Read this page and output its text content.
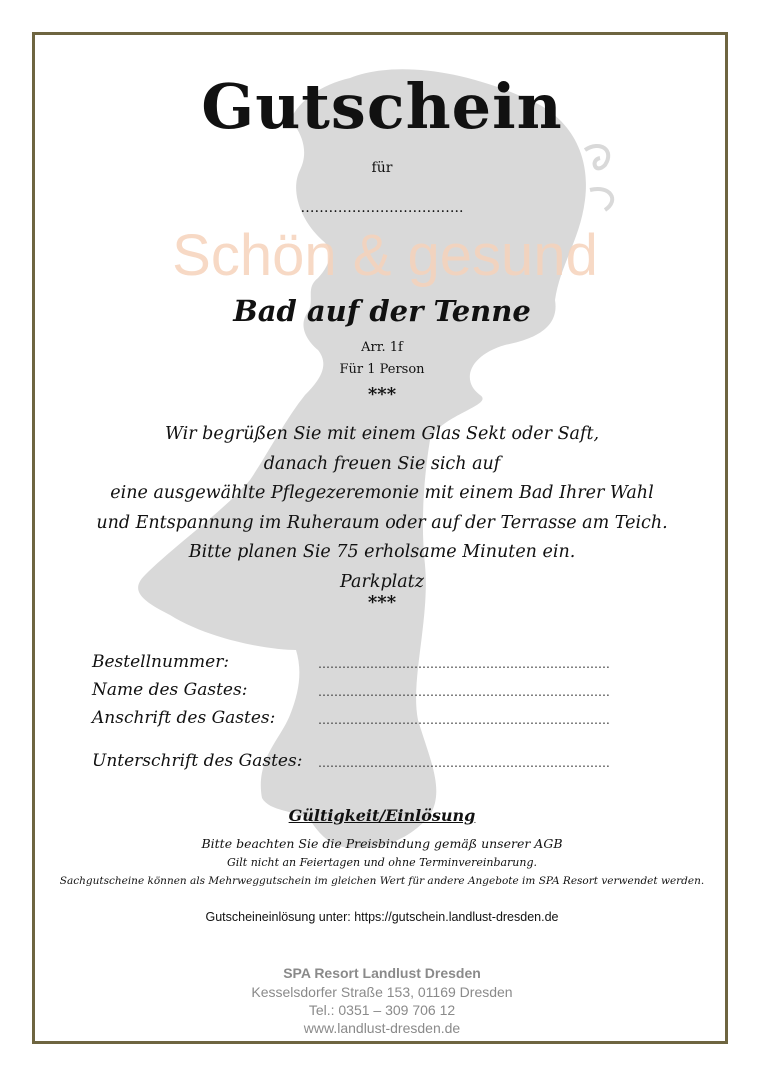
Gutschein
für
……………………………..
Schön & gesund
Bad auf der Tenne
Arr. 1f
Für 1 Person
***
Wir begrüßen Sie mit einem Glas Sekt oder Saft,
danach freuen Sie sich auf
eine ausgewählte Pflegezeremonie mit einem Bad Ihrer Wahl
und Entspannung im Ruheraum oder auf der Terrasse am Teich.
Bitte planen Sie 75 erholsame Minuten ein.
Parkplatz
***
Bestellnummer:	……………………………………………………………….
Name des Gastes:	……………………………………………………………….
Anschrift des Gastes:	……………………………………………………………….
Unterschrift des Gastes: ……………………………………………………………….
Gültigkeit/Einlösung
Bitte beachten Sie die Preisbindung gemäß unserer AGB
Gilt nicht an Feiertagen und ohne Terminvereinbarung.
Sachgutscheine können als Mehrweggutschein im gleichen Wert für andere Angebote im SPA Resort verwendet werden.
Gutscheineinlösung unter: https://gutschein.landlust-dresden.de
SPA Resort Landlust Dresden
Kesselsdorfer Straße 153, 01169 Dresden
Tel.: 0351 – 309 706 12
www.landlust-dresden.de
